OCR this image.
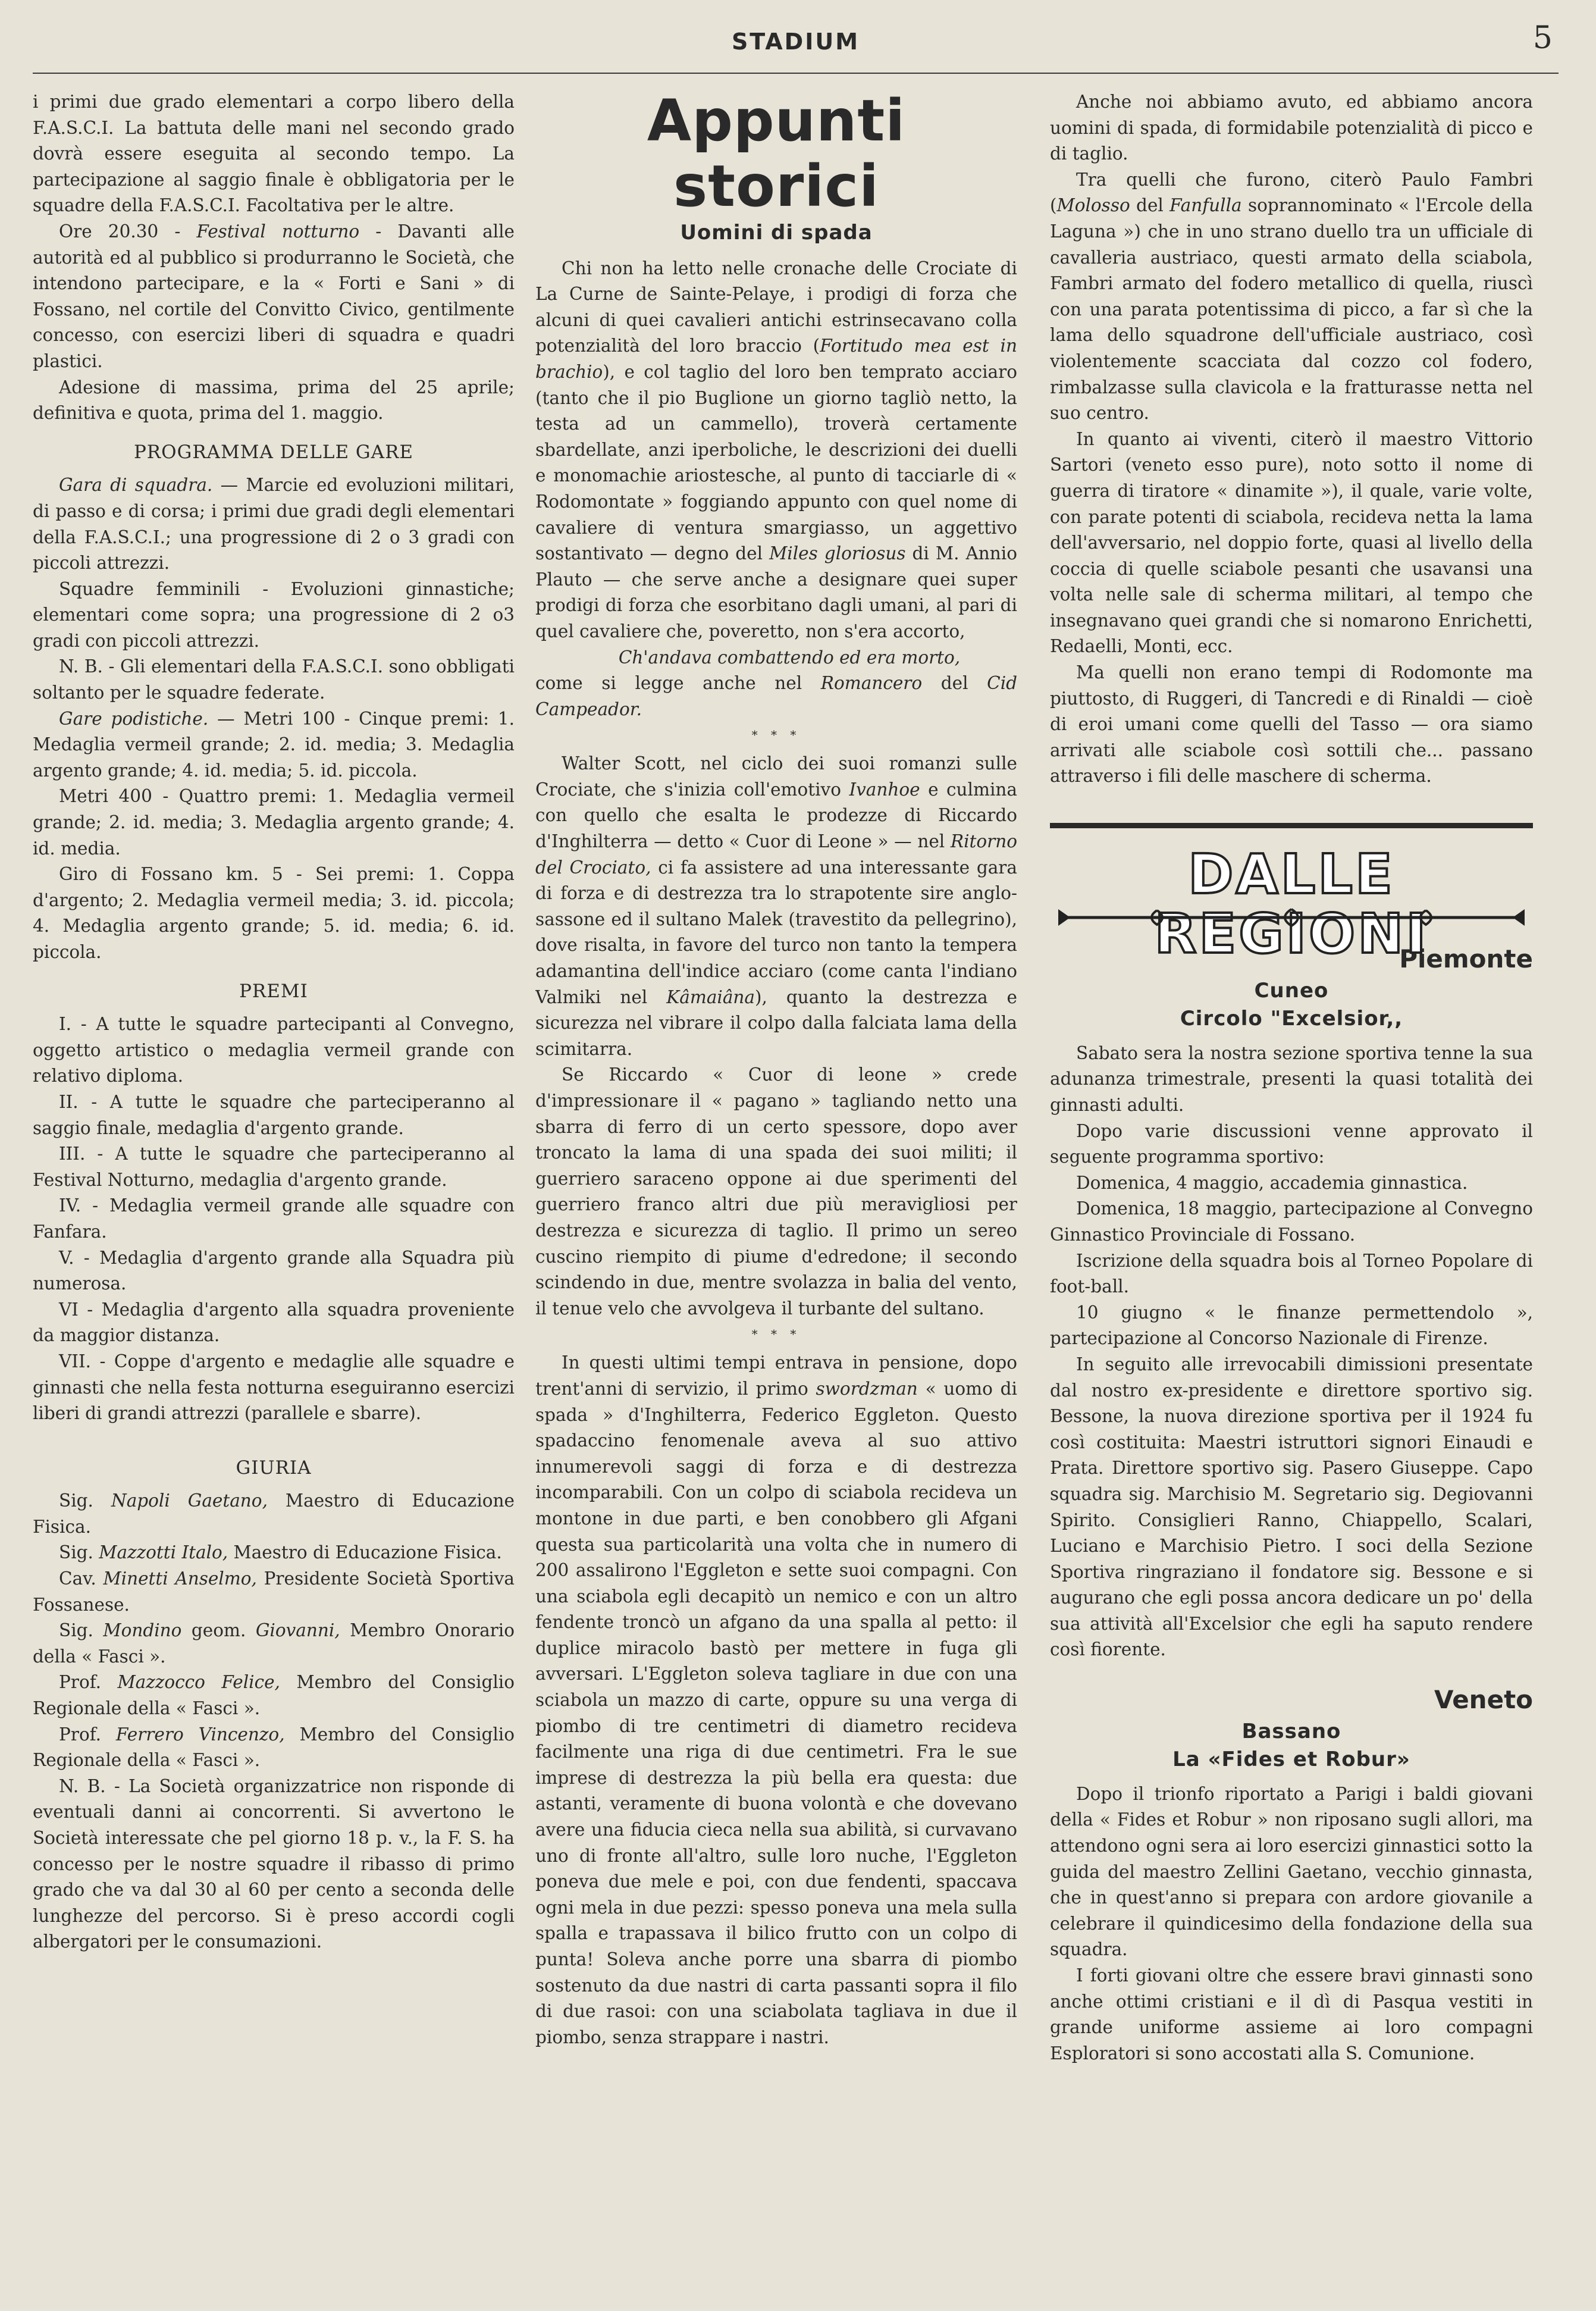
STADIUM	5

i primi due grado elementari a corpo libero della F.A.S.C.I. La battuta delle mani nel secondo grado dovrà essere eseguita al secondo tempo. La partecipazione al saggio finale è obbligatoria per le squadre della F.A.S.C.I. Facoltativa per le altre.

Ore 20.30 - Festival notturno - Davanti alle autorità ed al pubblico si produrranno le Società, che intendono partecipare, e la « Forti e Sani » di Fossano, nel cortile del Convitto Civico, gentilmente concesso, con esercizi liberi di squadra e quadri plastici.

Adesione di massima, prima del 25 aprile; definitiva e quota, prima del 1. maggio.

PROGRAMMA DELLE GARE

Gara di squadra. — Marcie ed evoluzioni militari, di passo e di corsa; i primi due gradi degli elementari della F.A.S.C.I.; una progressione di 2 o 3 gradi con piccoli attrezzi.

Squadre femminili - Evoluzioni ginnastiche; elementari come sopra; una progressione di 2 o3 gradi con piccoli attrezzi.

N. B. - Gli elementari della F.A.S.C.I. sono obbligati soltanto per le squadre federate.

Gare podistiche. — Metri 100 - Cinque premi: 1. Medaglia vermeil grande; 2. id. media; 3. Medaglia argento grande; 4. id. media; 5. id. piccola.

Metri 400 - Quattro premi: 1. Medaglia vermeil grande; 2. id. media; 3. Medaglia argento grande; 4. id. media.

Giro di Fossano km. 5 - Sei premi: 1. Coppa d'argento; 2. Medaglia vermeil media; 3. id. piccola; 4. Medaglia argento grande; 5. id. media; 6. id. piccola.

PREMI

I. - A tutte le squadre partecipanti al Convegno, oggetto artistico o medaglia vermeil grande con relativo diploma.

II. - A tutte le squadre che parteciperanno al saggio finale, medaglia d'argento grande.

III. - A tutte le squadre che parteciperanno al Festival Notturno, medaglia d'argento grande.

IV. - Medaglia vermeil grande alle squadre con Fanfara.

V. - Medaglia d'argento grande alla Squadra più numerosa.

VI - Medaglia d'argento alla squadra proveniente da maggior distanza.

VII. - Coppe d'argento e medaglie alle squadre e ginnasti che nella festa notturna eseguiranno esercizi liberi di grandi attrezzi (parallele e sbarre).

GIURIA

Sig. Napoli Gaetano, Maestro di Educazione Fisica.

Sig. Mazzotti Italo, Maestro di Educazione Fisica.

Cav. Minetti Anselmo, Presidente Società Sportiva Fossanese.

Sig. Mondino geom. Giovanni, Membro Onorario della « Fasci ».

Prof. Mazzocco Felice, Membro del Consiglio Regionale della « Fasci ».

Prof. Ferrero Vincenzo, Membro del Consiglio Regionale della « Fasci ».

N. B. - La Società organizzatrice non risponde di eventuali danni ai concorrenti. Si avvertono le Società interessate che pel giorno 18 p. v., la F. S. ha concesso per le nostre squadre il ribasso di primo grado che va dal 30 al 60 per cento a seconda delle lunghezze del percorso. Si è preso accordi cogli albergatori per le consumazioni.

Appunti storici
Uomini di spada

Chi non ha letto nelle cronache delle Crociate di La Curne de Sainte-Pelaye, i prodigi di forza che alcuni di quei cavalieri antichi estrinsecavano colla potenzialità del loro braccio (Fortitudo mea est in brachio), e col taglio del loro ben temprato acciaro (tanto che il pio Buglione un giorno tagliò netto, la testa ad un cammello), troverà certamente sbardellate, anzi iperboliche, le descrizioni dei duelli e monomachie ariostesche, al punto di tacciarle di « Rodomontate » foggiando appunto con quel nome di cavaliere di ventura smargiasso, un aggettivo sostantivato — degno del Miles gloriosus di M. Annio Plauto — che serve anche a designare quei super prodigi di forza che esorbitano dagli umani, al pari di quel cavaliere che, poveretto, non s'era accorto,

Ch'andava combattendo ed era morto,

come si legge anche nel Romancero del Cid Campeador.

* * *

Walter Scott, nel ciclo dei suoi romanzi sulle Crociate, che s'inizia coll'emotivo Ivanhoe e culmina con quello che esalta le prodezze di Riccardo d'Inghilterra — detto « Cuor di Leone » — nel Ritorno del Crociato, ci fa assistere ad una interessante gara di forza e di destrezza tra lo strapotente sire anglo-sassone ed il sultano Malek (travestito da pellegrino), dove risalta, in favore del turco non tanto la tempera adamantina dell'indice acciaro (come canta l'indiano Valmiki nel Kâmaiâna), quanto la destrezza e sicurezza nel vibrare il colpo dalla falciata lama della scimitarra.

Se Riccardo « Cuor di leone » crede d'impressionare il « pagano » tagliando netto una sbarra di ferro di un certo spessore, dopo aver troncato la lama di una spada dei suoi militi; il guerriero saraceno oppone ai due sperimenti del guerriero franco altri due più meravigliosi per destrezza e sicurezza di taglio. Il primo un sereo cuscino riempito di piume d'edredone; il secondo scindendo in due, mentre svolazza in balia del vento, il tenue velo che avvolgeva il turbante del sultano.

* * *

In questi ultimi tempi entrava in pensione, dopo trent'anni di servizio, il primo swordzman « uomo di spada » d'Inghilterra, Federico Eggleton. Questo spadaccino fenomenale aveva al suo attivo innumerevoli saggi di forza e di destrezza incomparabili. Con un colpo di sciabola recideva un montone in due parti, e ben conobbero gli Afgani questa sua particolarità una volta che in numero di 200 assalirono l'Eggleton e sette suoi compagni. Con una sciabola egli decapitò un nemico e con un altro fendente troncò un afgano da una spalla al petto: il duplice miracolo bastò per mettere in fuga gli avversari. L'Eggleton soleva tagliare in due con una sciabola un mazzo di carte, oppure su una verga di piombo di tre centimetri di diametro recideva facilmente una riga di due centimetri. Fra le sue imprese di destrezza la più bella era questa: due astanti, veramente di buona volontà e che dovevano avere una fiducia cieca nella sua abilità, si curvavano uno di fronte all'altro, sulle loro nuche, l'Eggleton poneva due mele e poi, con due fendenti, spaccava ogni mela in due pezzi: spesso poneva una mela sulla spalla e trapassava il bilico frutto con un colpo di punta! Soleva anche porre una sbarra di piombo sostenuto da due nastri di carta passanti sopra il filo di due rasoi: con una sciabolata tagliava in due il piombo, senza strappare i nastri.

Anche noi abbiamo avuto, ed abbiamo ancora uomini di spada, di formidabile potenzialità di picco e di taglio.

Tra quelli che furono, citerò Paulo Fambri (Molosso del Fanfulla soprannominato « l'Ercole della Laguna ») che in uno strano duello tra un ufficiale di cavalleria austriaco, questi armato della sciabola, Fambri armato del fodero metallico di quella, riuscì con una parata potentissima di picco, a far sì che la lama dello squadrone dell'ufficiale austriaco, così violentemente scacciata dal cozzo col fodero, rimbalzasse sulla clavicola e la fratturasse netta nel suo centro.

In quanto ai viventi, citerò il maestro Vittorio Sartori (veneto esso pure), noto sotto il nome di guerra di tiratore « dinamite »), il quale, varie volte, con parate potenti di sciabola, recideva netta la lama dell'avversario, nel doppio forte, quasi al livello della coccia di quelle sciabole pesanti che usavansi una volta nelle sale di scherma militari, al tempo che insegnavano quei grandi che si nomarono Enrichetti, Redaelli, Monti, ecc.

Ma quelli non erano tempi di Rodomonte ma piuttosto, di Ruggeri, di Tancredi e di Rinaldi — cioè di eroi umani come quelli del Tasso — ora siamo arrivati alle sciabole così sottili che... passano attraverso i fili delle maschere di scherma.

DALLE REGIONI
Piemonte
Cuneo
Circolo "Excelsior,,

Sabato sera la nostra sezione sportiva tenne la sua adunanza trimestrale, presenti la quasi totalità dei ginnasti adulti.

Dopo varie discussioni venne approvato il seguente programma sportivo:

Domenica, 4 maggio, accademia ginnastica.

Domenica, 18 maggio, partecipazione al Convegno Ginnastico Provinciale di Fossano.

Iscrizione della squadra bois al Torneo Popolare di foot-ball.

10 giugno « le finanze permettendolo », partecipazione al Concorso Nazionale di Firenze.

In seguito alle irrevocabili dimissioni presentate dal nostro ex-presidente e direttore sportivo sig. Bessone, la nuova direzione sportiva per il 1924 fu così costituita: Maestri istruttori signori Einaudi e Prata. Direttore sportivo sig. Pasero Giuseppe. Capo squadra sig. Marchisio M. Segretario sig. Degiovanni Spirito. Consiglieri Ranno, Chiappello, Scalari, Luciano e Marchisio Pietro. I soci della Sezione Sportiva ringraziano il fondatore sig. Bessone e si augurano che egli possa ancora dedicare un po' della sua attività all'Excelsior che egli ha saputo rendere così fiorente.

Veneto
Bassano
La «Fides et Robur»

Dopo il trionfo riportato a Parigi i baldi giovani della « Fides et Robur » non riposano sugli allori, ma attendono ogni sera ai loro esercizi ginnastici sotto la guida del maestro Zellini Gaetano, vecchio ginnasta, che in quest'anno si prepara con ardore giovanile a celebrare il quindicesimo della fondazione della sua squadra.

I forti giovani oltre che essere bravi ginnasti sono anche ottimi cristiani e il dì di Pasqua vestiti in grande uniforme assieme ai loro compagni Esploratori si sono accostati alla S. Comunione.
